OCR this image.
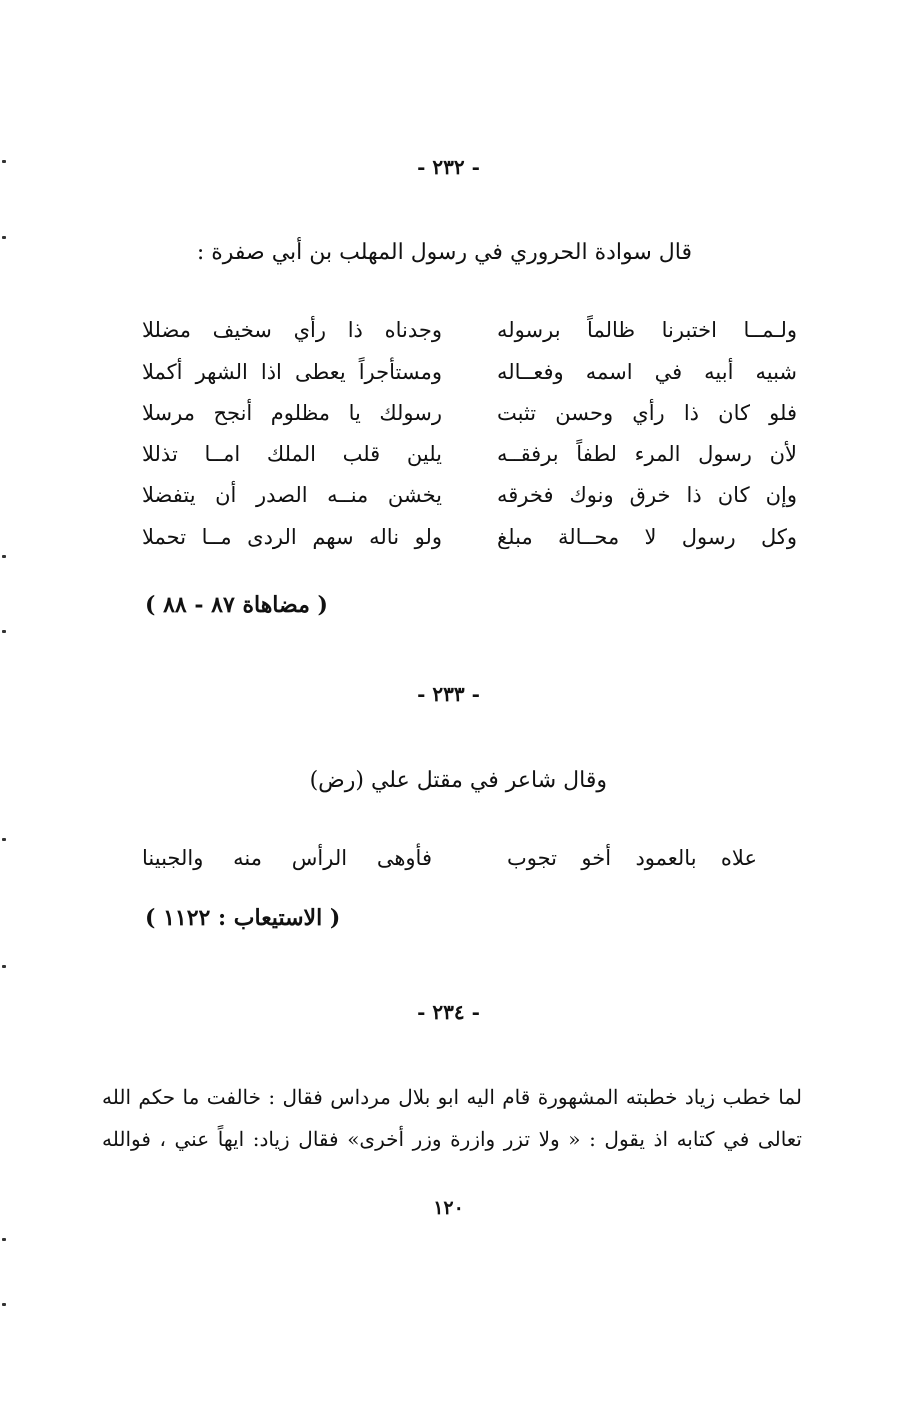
- ٢٣٢ -
قال سوادة الحروري في رسول المهلب بن أبي صفرة :
ولـمــا اختبرنا ظالماً برسوله
وجدناه ذا رأي سخيف مضللا
شبيه أبيه في اسمه وفعــاله
ومستأجراً يعطى اذا الشهر أكملا
فلو كان ذا رأي وحسن تثبت
رسولك يا مظلوم أنجح مرسلا
لأن رسول المرء لطفاً برفقــه
يلين قلب الملك امــا تذللا
وإن كان ذا خرق ونوك فخرقه
يخشن منــه الصدر أن يتفضلا
وكل رسول لا محــالة مبلغ
ولو ناله سهم الردى مــا تحملا
( مضاهاة ٨٧ - ٨٨ )
- ٢٣٣ -
وقال شاعر في مقتل علي (رض)
علاه بالعمود أخو تجوب
فأوهى الرأس منه والجبينا
( الاستيعاب : ١١٢٢ )
- ٢٣٤ -
لما خطب زياد خطبته المشهورة قام اليه ابو بلال مرداس فقال : خالفت ما حكم الله
تعالى في كتابه اذ يقول : « ولا تزر وازرة وزر أخرى» فقال زياد: ايهاً عني ، فوالله
١٢٠
